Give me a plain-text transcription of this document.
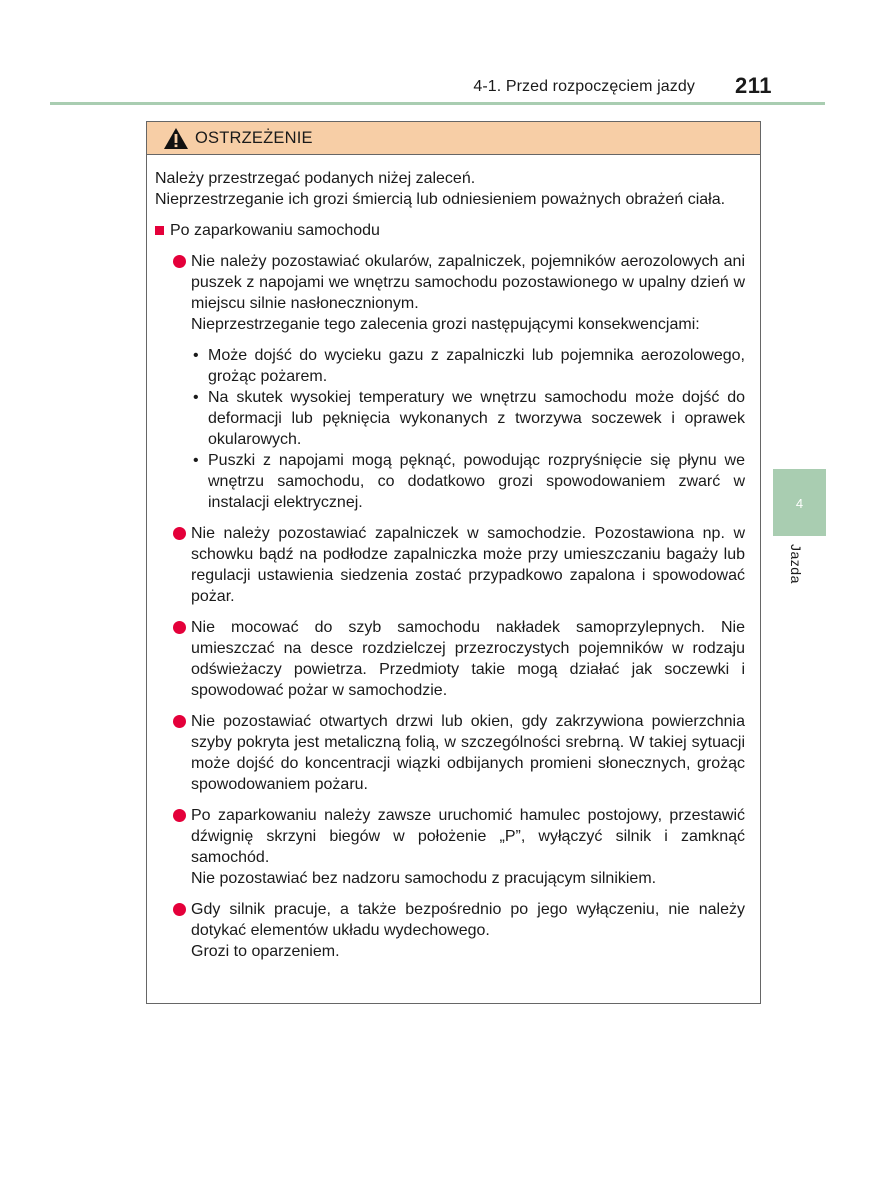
4-1. Przed rozpoczęciem jazdy	211
4
Jazda
OSTRZEŻENIE

Należy przestrzegać podanych niżej zaleceń.

Nieprzestrzeganie ich grozi śmiercią lub odniesieniem poważnych obrażeń ciała.

Po zaparkowaniu samochodu

Nie należy pozostawiać okularów, zapalniczek, pojemników aerozolowych ani puszek z napojami we wnętrzu samochodu pozostawionego w upalny dzień w miejscu silnie nasłonecznionym.

Nieprzestrzeganie tego zalecenia grozi następującymi konsekwencjami:

• Może dojść do wycieku gazu z zapalniczki lub pojemnika aerozolowego, grożąc pożarem.
• Na skutek wysokiej temperatury we wnętrzu samochodu może dojść do deformacji lub pęknięcia wykonanych z tworzywa soczewek i oprawek okularowych.
• Puszki z napojami mogą pęknąć, powodując rozpryśnięcie się płynu we wnętrzu samochodu, co dodatkowo grozi spowodowaniem zwarć w instalacji elektrycznej.

Nie należy pozostawiać zapalniczek w samochodzie. Pozostawiona np. w schowku bądź na podłodze zapalniczka może przy umieszczaniu bagaży lub regulacji ustawienia siedzenia zostać przypadkowo zapalona i spowodować pożar.

Nie mocować do szyb samochodu nakładek samoprzylepnych. Nie umieszczać na desce rozdzielczej przezroczystych pojemników w rodzaju odświeżaczy powietrza. Przedmioty takie mogą działać jak soczewki i spowodować pożar w samochodzie.

Nie pozostawiać otwartych drzwi lub okien, gdy zakrzywiona powierzchnia szyby pokryta jest metaliczną folią, w szczególności srebrną. W takiej sytuacji może dojść do koncentracji wiązki odbijanych promieni słonecznych, grożąc spowodowaniem pożaru.

Po zaparkowaniu należy zawsze uruchomić hamulec postojowy, przestawić dźwignię skrzyni biegów w położenie „P”, wyłączyć silnik i zamknąć samochód.

Nie pozostawiać bez nadzoru samochodu z pracującym silnikiem.

Gdy silnik pracuje, a także bezpośrednio po jego wyłączeniu, nie należy dotykać elementów układu wydechowego.

Grozi to oparzeniem.
